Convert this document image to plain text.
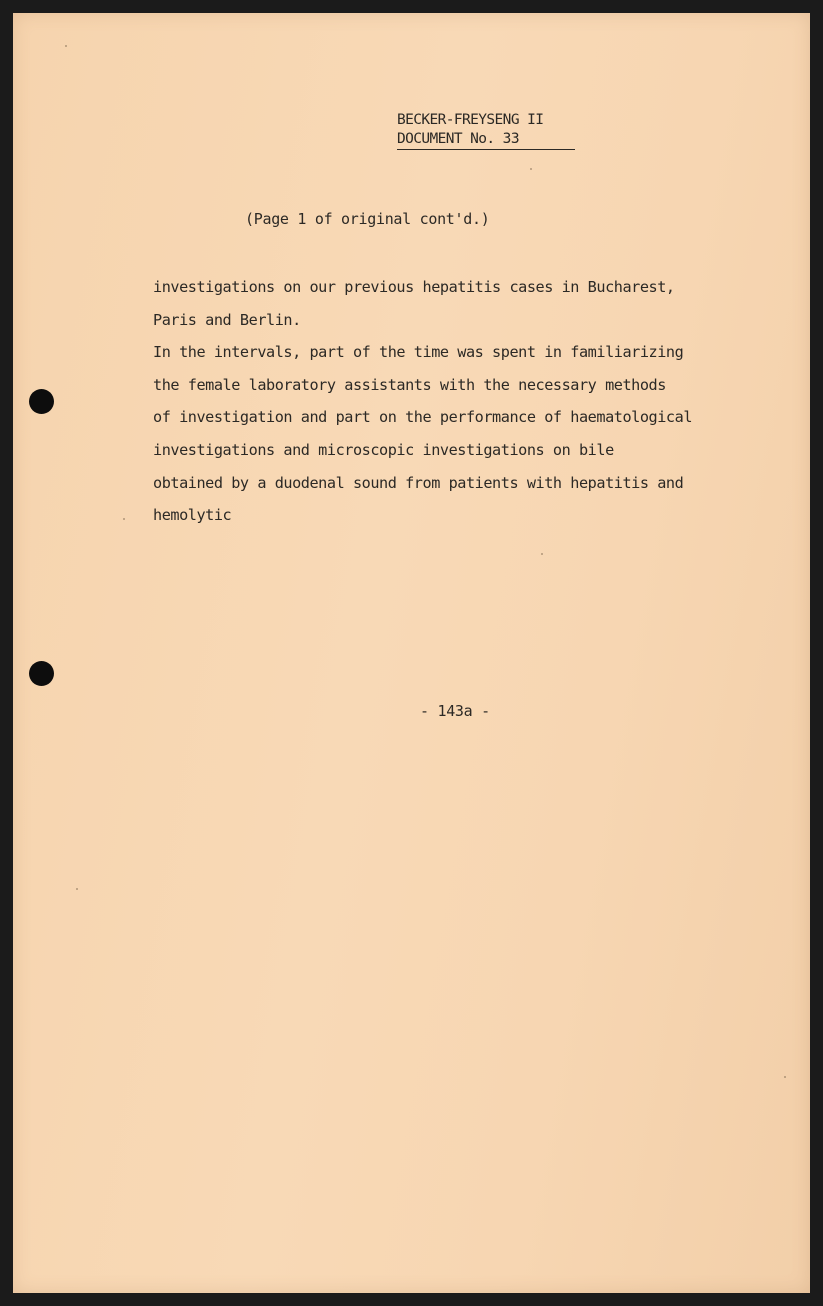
BECKER-FREYSENG II
DOCUMENT No. 33

(Page 1 of original cont'd.)

investigations on our previous hepatitis cases in Bucharest,
Paris and Berlin.
In the intervals, part of the time was spent in familiarizing
the female laboratory assistants with the necessary methods
of investigation and part on the performance of haematological
investigations and microscopic investigations on bile
obtained by a duodenal sound from patients with hepatitis and
hemolytic

- 143a -
